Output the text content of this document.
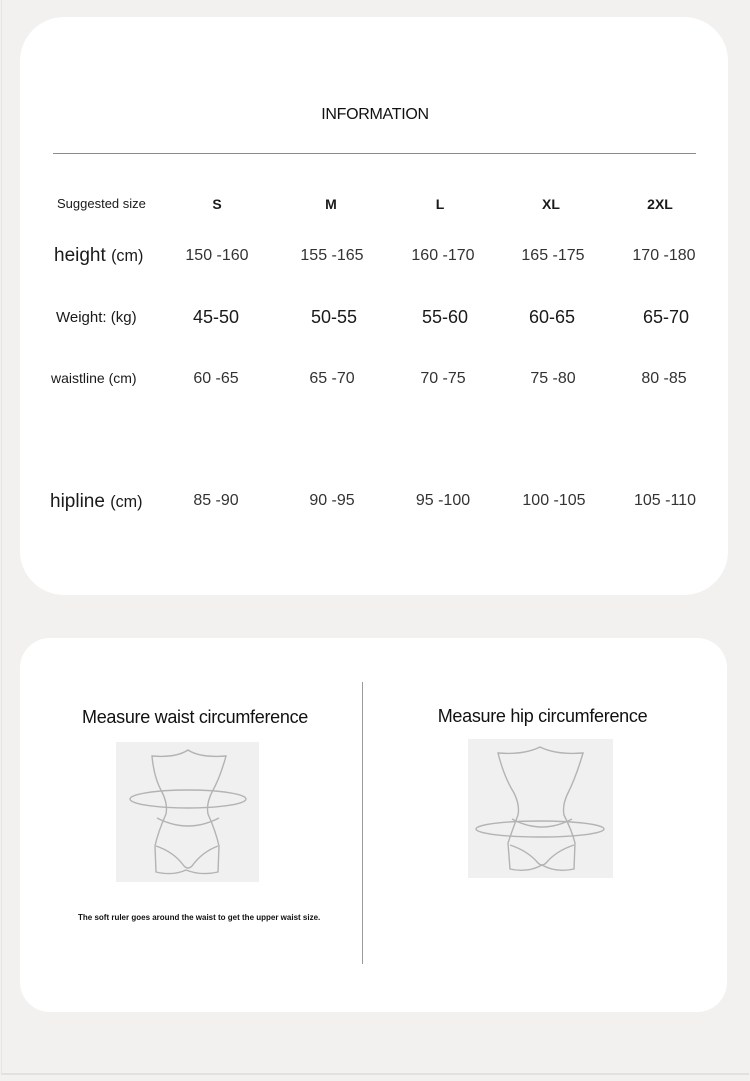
INFORMATION
Suggested size	S	M	L	XL	2XL
height (cm)	150 -160	155 -165	160 -170	165 -175	170 -180
Weight: (kg)	45-50	50-55	55-60	60-65	65-70
waistline (cm)	60 -65	65 -70	70 -75	75 -80	80 -85
hipline (cm)	85 -90	90 -95	95 -100	100 -105	105 -110
Measure waist circumference
The soft ruler goes around the waist to get the upper waist size.
Measure hip circumference
